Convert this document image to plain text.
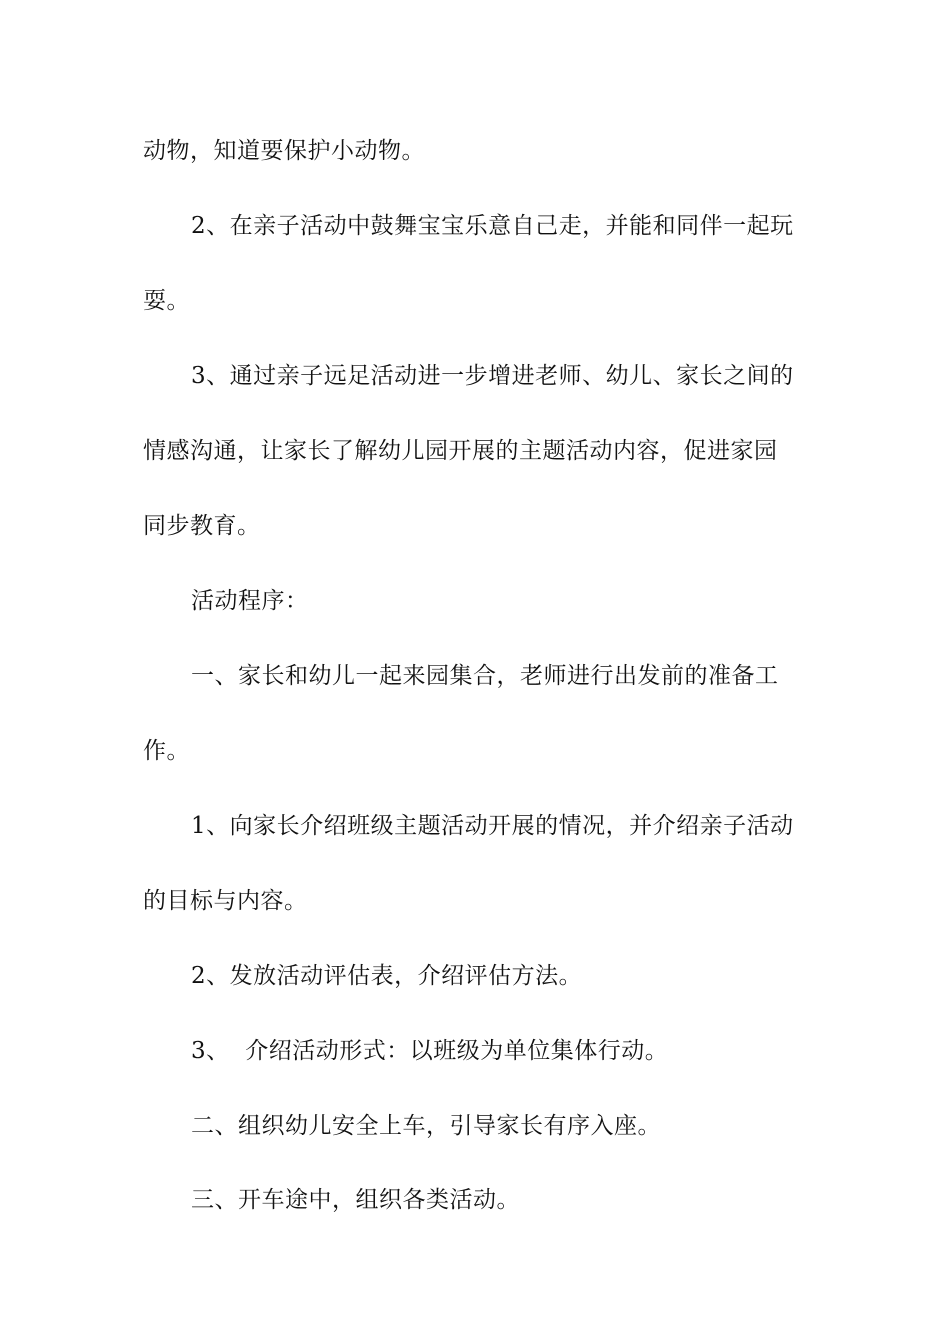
动物，知道要保护小动物。
2、在亲子活动中鼓舞宝宝乐意自己走，并能和同伴一起玩
耍。
3、通过亲子远足活动进一步增进老师、幼儿、家长之间的
情感沟通，让家长了解幼儿园开展的主题活动内容，促进家园
同步教育。
活动程序：
一、家长和幼儿一起来园集合，老师进行出发前的准备工
作。
1、向家长介绍班级主题活动开展的情况，并介绍亲子活动
的目标与内容。
2、发放活动评估表，介绍评估方法。
3、  介绍活动形式：以班级为单位集体行动。
二、组织幼儿安全上车，引导家长有序入座。
三、开车途中，组织各类活动。
